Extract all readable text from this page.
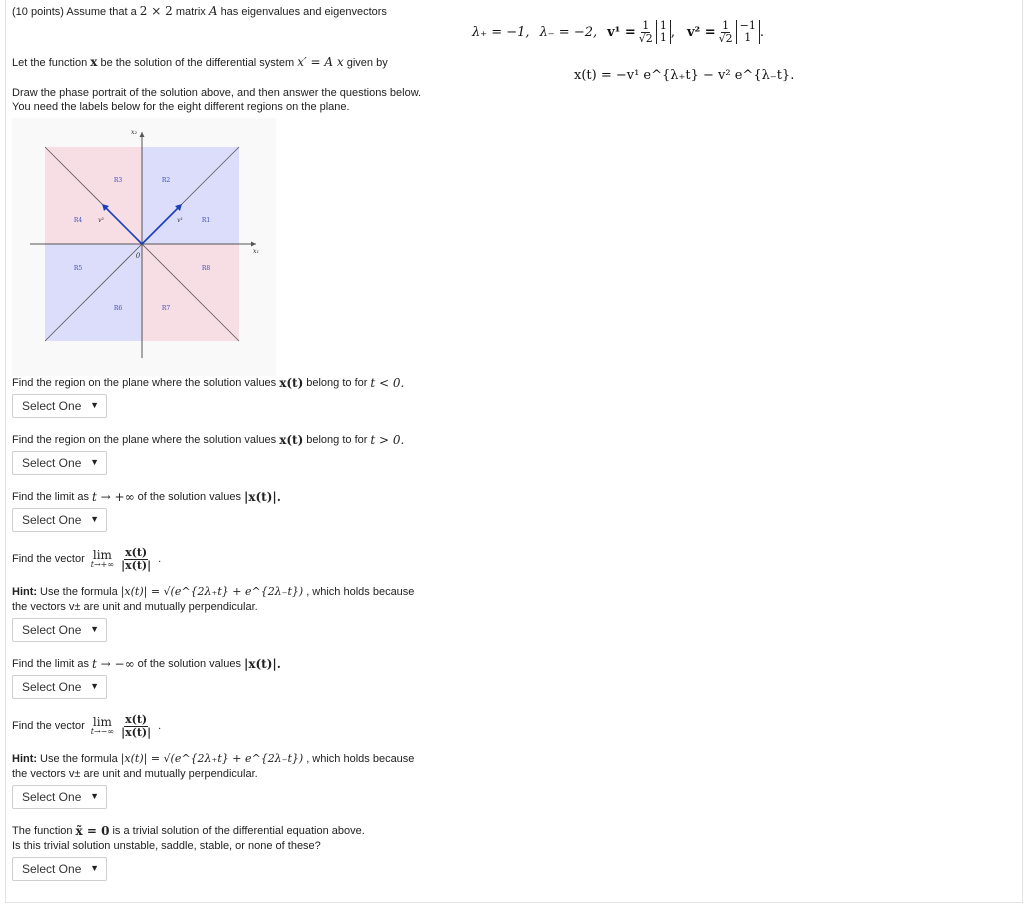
(10 points) Assume that a 2 × 2 matrix A has eigenvalues and eigenvectors
λ₊ = −1, λ₋ = −2, $v^1 = \frac{1}{√2} 1$
1 , $v^2 = \frac{1}{√2} -1$
1 .
x(t) = −v¹ e^{λ₊t} − v² e^{λ₋t}.
Let the function x be the solution of the differential system x′ = A x given by
Draw the phase portrait of the solution above, and then answer the questions below.
You need the labels below for the eight different regions on the plane.
x₁
x₂
0
v¹
v²	R1
R2
R3
R4
R5
R6	R7
R8
Find the region on the plane where the solution values x(t) belong to for t < 0.
Select One ▼
Find the region on the plane where the solution values x(t) belong to for t > 0.
Select One ▼
Find the limit as t → +∞ of the solution values |x(t)|.
Select One ▼
Find the vector lim
$t\to+\infty \frac{x(t)}{|x(t)|}$ .
Hint: Use the formula |x(t)| = √(e^{2λ₊t} + e^{2λ₋t}) , which holds because
the vectors v± are unit and mutually perpendicular.
Select One ▼
Find the limit as t → −∞ of the solution values |x(t)|.
Select One ▼
Find the vector lim
$t\to-\infty \frac{x(t)}{|x(t)|}$ .
Hint: Use the formula |x(t)| = √(e^{2λ₊t} + e^{2λ₋t}) , which holds because
the vectors v± are unit and mutually perpendicular.
Select One ▼
The function x̃ = 0 is a trivial solution of the differential equation above.
Is this trivial solution unstable, saddle, stable, or none of these?
Select One ▼
